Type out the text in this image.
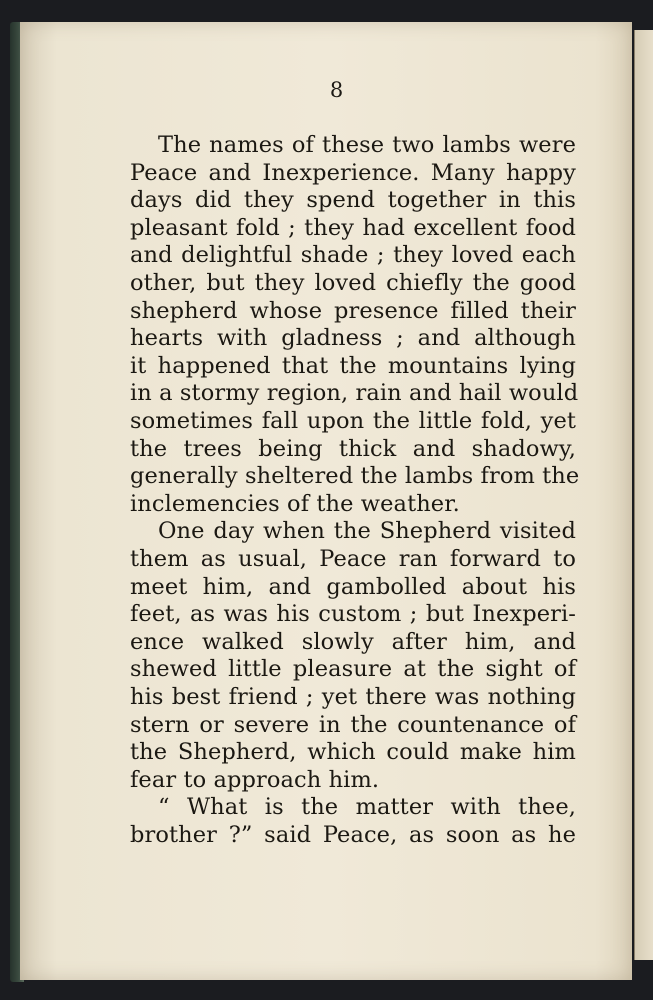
8
The names of these two lambs were
Peace and Inexperience. Many happy
days did they spend together in this
pleasant fold ; they had excellent food
and delightful shade ; they loved each
other, but they loved chiefly the good
shepherd whose presence filled their
hearts with gladness ; and although
it happened that the mountains lying
in a stormy region, rain and hail would
sometimes fall upon the little fold, yet
the trees being thick and shadowy,
generally sheltered the lambs from the
inclemencies of the weather.
One day when the Shepherd visited
them as usual, Peace ran forward to
meet him, and gambolled about his
feet, as was his custom ; but Inexperi-
ence walked slowly after him, and
shewed little pleasure at the sight of
his best friend ; yet there was nothing
stern or severe in the countenance of
the Shepherd, which could make him
fear to approach him.
“ What is the matter with thee,
brother ?” said Peace, as soon as he
